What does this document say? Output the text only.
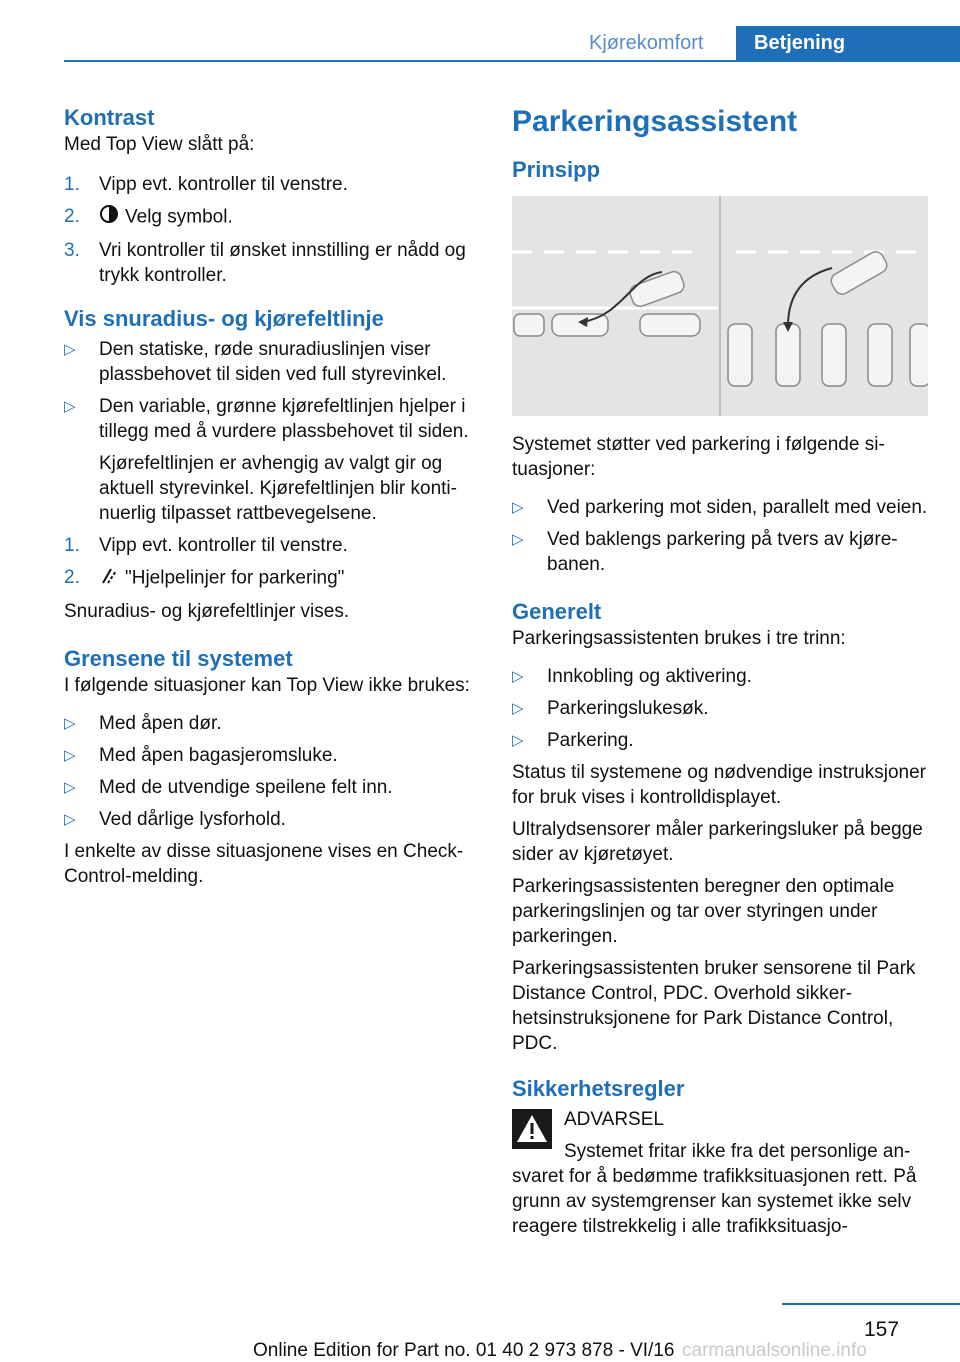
Kjørekomfort	Betjening
Kontrast

Med Top View slått på:

1. Vipp evt. kontroller til venstre.
2. Velg symbol.
3. Vri kontroller til ønsket innstilling er nådd og trykk kontroller.
Vis snuradius- og kjørefeltlinje
▷ Den statiske, røde snuradiuslinjen viser plassbehovet til siden ved full styrevinkel.
▷ Den variable, grønne kjørefeltlinjen hjelper i tillegg med å vurdere plassbehovet til siden.
Kjørefeltlinjen er avhengig av valgt gir og aktuell styrevinkel. Kjørefeltlinjen blir kontinuerlig tilpasset rattbevegelsene.
1. Vipp evt. kontroller til venstre.
2. "Hjelpelinjer for parkering"

Snuradius- og kjørefeltlinjer vises.

Grensene til systemet

I følgende situasjoner kan Top View ikke brukes:

▷ Med åpen dør.
▷ Med åpen bagasjeromsluke.
▷ Med de utvendige speilene felt inn.
▷ Ved dårlige lysforhold.

I enkelte av disse situasjonene vises en Check-Control-melding.

Parkeringsassistent
Prinsipp

Systemet støtter ved parkering i følgende situasjoner:

▷ Ved parkering mot siden, parallelt med veien.
▷ Ved baklengs parkering på tvers av kjørebanen.
Generelt

Parkeringsassistenten brukes i tre trinn:

▷ Innkobling og aktivering.
▷ Parkeringslukesøk.
▷ Parkering.

Status til systemene og nødvendige instruksjoner for bruk vises i kontrolldisplayet.

Ultralydsensorer måler parkeringsluker på begge sider av kjøretøyet.

Parkeringsassistenten beregner den optimale parkeringslinjen og tar over styringen under parkeringen.

Parkeringsassistenten bruker sensorene til Park Distance Control, PDC. Overhold sikkerhetsinstruksjonene for Park Distance Control, PDC.

Sikkerhetsregler

ADVARSEL

Systemet fritar ikke fra det personlige ansvaret for å bedømme trafikksituasjonen rett. På grunn av systemgrenser kan systemet ikke selv reagere tilstrekkelig i alle trafikksituasjo-

157
Online Edition for Part no. 01 40 2 973 878 - VI/16 carmanualsonline.info
